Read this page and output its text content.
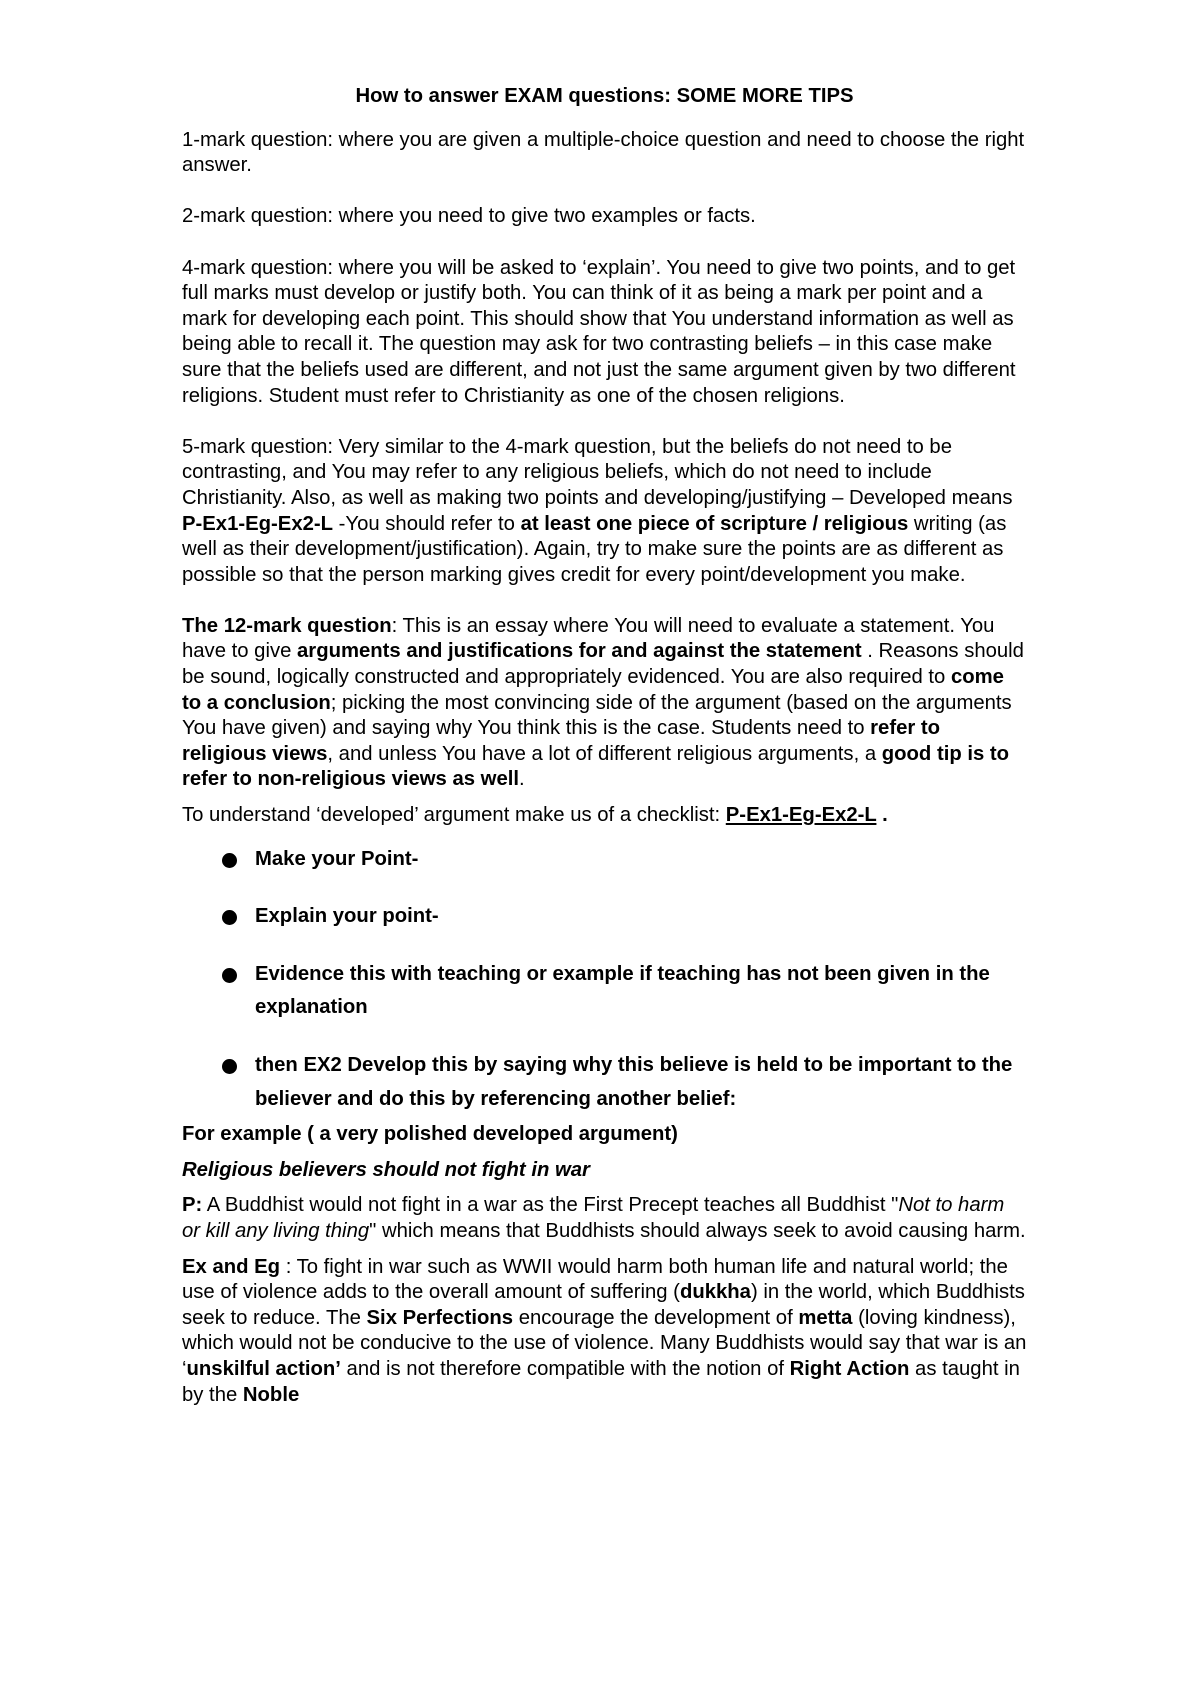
How to answer EXAM questions: SOME MORE TIPS

1-mark question: where you are given a multiple-choice question and need to choose the right answer.

2-mark question: where you need to give two examples or facts.

4-mark question: where you will be asked to ‘explain’. You need to give two points, and to get full marks must develop or justify both. You can think of it as being a mark per point and a mark for developing each point. This should show that You understand information as well as being able to recall it. The question may ask for two contrasting beliefs – in this case make sure that the beliefs used are different, and not just the same argument given by two different religions. Student must refer to Christianity as one of the chosen religions.

5-mark question: Very similar to the 4-mark question, but the beliefs do not need to be contrasting, and You may refer to any religious beliefs, which do not need to include Christianity. Also, as well as making two points and developing/justifying – Developed means P-Ex1-Eg-Ex2-L -You should refer to at least one piece of scripture / religious writing (as well as their development/justification). Again, try to make sure the points are as different as possible so that the person marking gives credit for every point/development you make.

The 12-mark question: This is an essay where You will need to evaluate a statement. You have to give arguments and justifications for and against the statement . Reasons should be sound, logically constructed and appropriately evidenced. You are also required to come to a conclusion; picking the most convincing side of the argument (based on the arguments You have given) and saying why You think this is the case. Students need to refer to religious views, and unless You have a lot of different religious arguments, a good tip is to refer to non-religious views as well.

To understand ‘developed’ argument make us of a checklist: P-Ex1-Eg-Ex2-L .

Make your Point-
Explain your point-
Evidence this with teaching or example if teaching has not been given in the explanation
then EX2 Develop this by saying why this believe is held to be important to the believer and do this by referencing another belief:

For example ( a very polished developed argument)

Religious believers should not fight in war

P: A Buddhist would not fight in a war as the First Precept teaches all Buddhist "Not to harm or kill any living thing" which means that Buddhists should always seek to avoid causing harm.

Ex and Eg : To fight in war such as WWII would harm both human life and natural world; the use of violence adds to the overall amount of suffering (dukkha) in the world, which Buddhists seek to reduce. The Six Perfections encourage the development of metta (loving kindness), which would not be conducive to the use of violence. Many Buddhists would say that war is an ‘unskilful action’ and is not therefore compatible with the notion of Right Action as taught in by the Noble
